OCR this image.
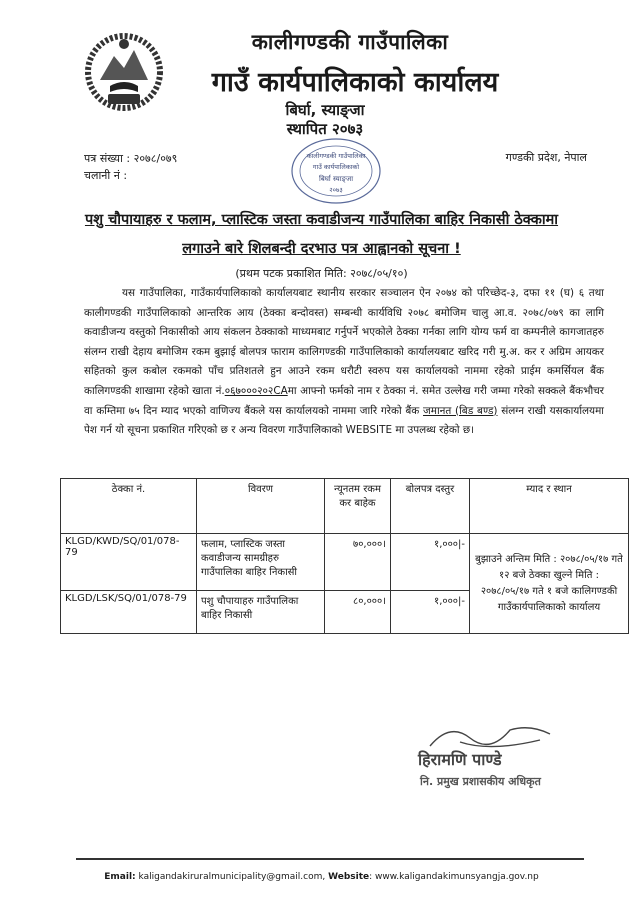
कालीगण्डकी गाउँपालिका
गाउँ कार्यपालिकाको कार्यालय
बिर्घा, स्याङ्जा
स्थापित २०७३
कालीगण्डकी गाउँपालिका
गाउँ कार्यपालिकाको
बिर्घा स्याङ्जा
२०७३
पत्र संख्या : २०७८/०७९
चलानी नं :
गण्डकी प्रदेश, नेपाल
पशु चौपायाहरु र फलाम, प्लास्टिक जस्ता कवाडीजन्य गाउँपालिका बाहिर निकासी ठेक्कामा
लगाउने बारे शिलबन्दी दरभाउ पत्र आह्वानको सूचना !
(प्रथम पटक प्रकाशित मिति: २०७८/०५/१०)
यस गाउँपालिका, गाउँकार्यपालिकाको कार्यालयबाट स्थानीय सरकार सञ्चालन ऐन २०७४ को परिच्छेद-३, दफा ११ (घ) ६ तथा कालीगण्डकी गाउँपालिकाको आन्तरिक आय (ठेक्का बन्दोवस्त) सम्बन्धी कार्यविधि २०७८ बमोजिम चालु आ.व. २०७८/०७९ का लागि कवाडीजन्य वस्तुको निकासीको आय संकलन ठेक्काको माध्यमबाट गर्नुपर्ने भएकोले ठेक्का गर्नका लागि योग्य फर्म वा कम्पनीले कागजातहरु संलग्न राखी देहाय बमोजिम रकम बुझाई बोलपत्र फाराम कालिगण्डकी गाउँपालिकाको कार्यालयबाट खरिद गरी मु.अ. कर र अग्रिम आयकर सहितको कुल कबोल रकमको पाँच प्रतिशतले हुन आउने रकम धरौटी स्वरुप यस कार्यालयको नाममा रहेको प्राईम कमर्सियल बैंक कालिगण्डकी शाखामा रहेको खाता नं.०६७०००२०२CAमा आफ्नो फर्मको नाम र ठेक्का नं. समेत उल्लेख गरी जम्मा गरेको सक्कले बैंकभौचर वा कम्तिमा ७५ दिन म्याद भएको वाणिज्य बैंकले यस कार्यालयको नाममा जारि गरेको बैंक जमानत (बिड बण्ड) संलग्न राखी यसकार्यालयमा पेश गर्न यो सूचना प्रकाशित गरिएको छ र अन्य विवरण गाउँपालिकाको WEBSITE मा उपलब्ध रहेको छ।
ठेक्का नं.	विवरण	न्यूनतम रकम कर बाहेक	बोलपत्र दस्तुर	म्याद र स्थान
KLGD/KWD/SQ/01/078-79	फलाम, प्लास्टिक जस्ता कवाडीजन्य सामग्रीहरु गाउँपालिका बाहिर निकासी	७०,०००।	१,०००|-	बुझाउने अन्तिम मिति : २०७८/०५/१७ गते १२ बजे ठेक्का खुल्ने मिति : २०७८/०५/१७ गते १ बजे कालिगण्डकी गाउँकार्यपालिकाको कार्यालय
KLGD/LSK/SQ/01/078-79	पशु चौपायाहरु गाउँपालिका बाहिर निकासी	८०,०००।	१,०००|-	
हिरामणि पाण्डे
नि. प्रमुख प्रशासकीय अधिकृत
Email: kaligandakiruralmunicipality@gmail.com, Website: www.kaligandakimunsyangja.gov.np
